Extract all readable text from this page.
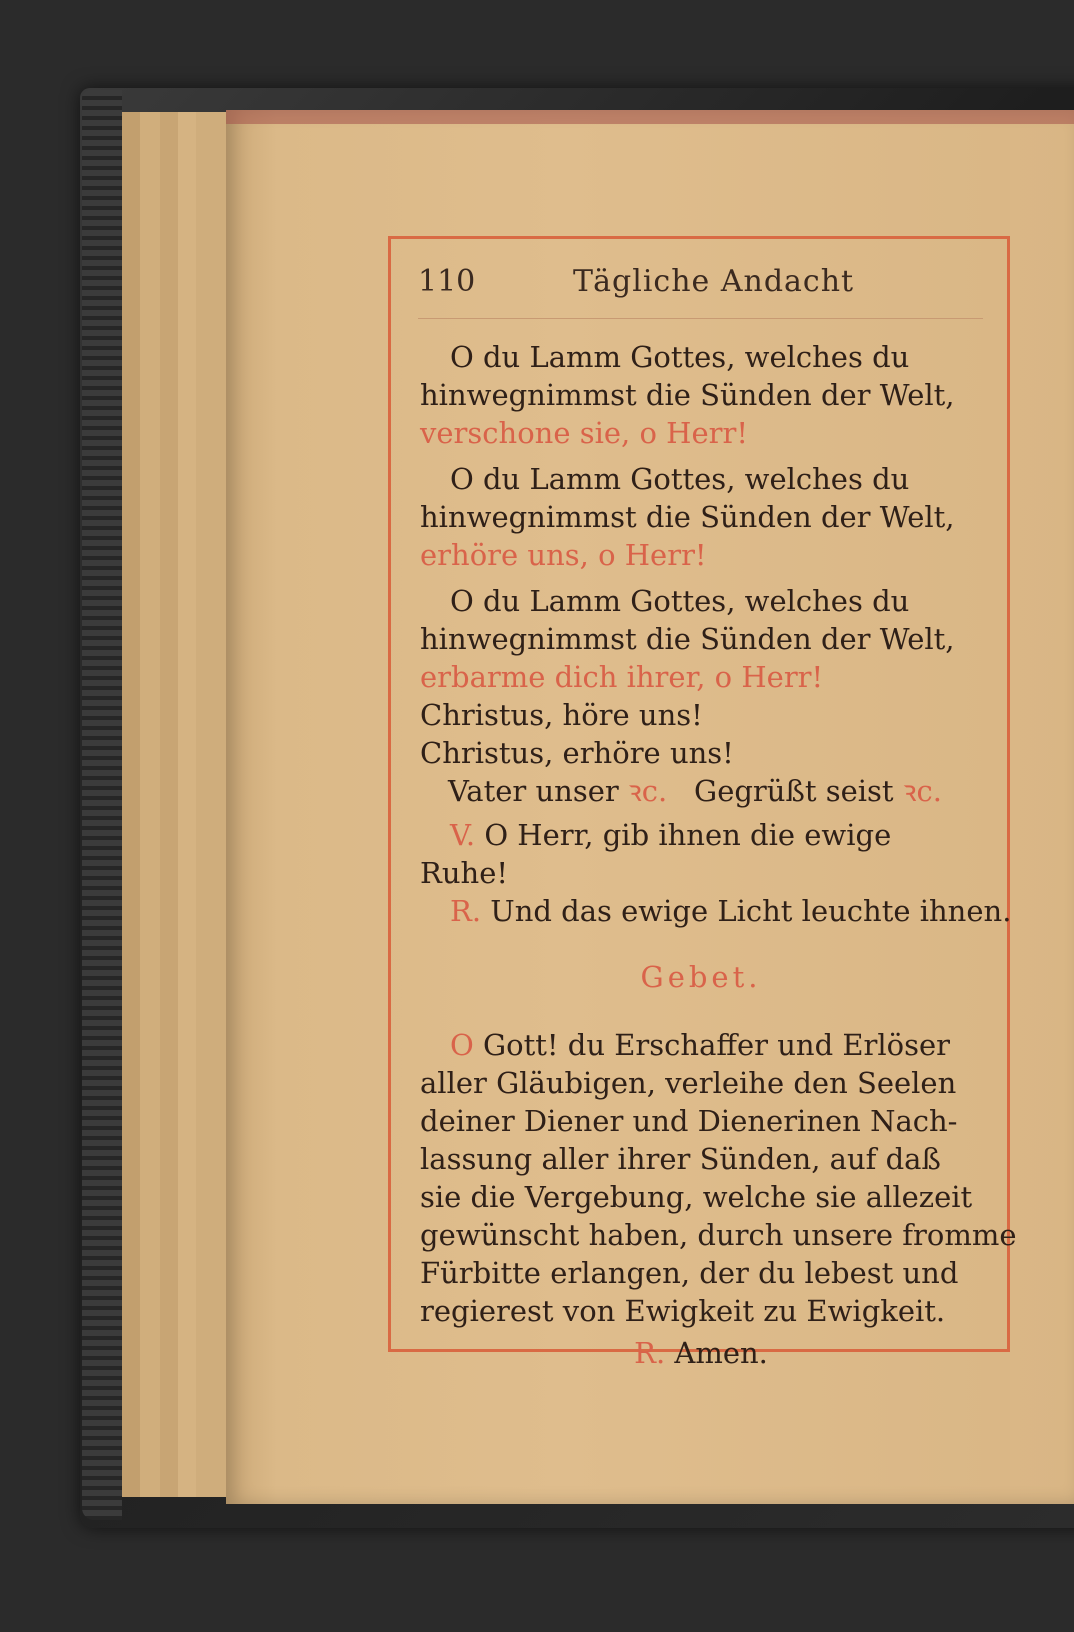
110	Tägliche Andacht
O du Lamm Gottes, welches du
hinwegnimmst die Sünden der Welt,
verschone sie, o Herr!
O du Lamm Gottes, welches du
hinwegnimmst die Sünden der Welt,
erhöre uns, o Herr!
O du Lamm Gottes, welches du
hinwegnimmst die Sünden der Welt,
erbarme dich ihrer, o Herr!
Christus, höre uns!
Christus, erhöre uns!
Vater unser ꝛc. Gegrüßt seist ꝛc.
V. O Herr, gib ihnen die ewige
Ruhe!
R. Und das ewige Licht leuchte ihnen.
Gebet.
O Gott! du Erschaffer und Erlöser
aller Gläubigen, verleihe den Seelen
deiner Diener und Dienerinen Nach-
lassung aller ihrer Sünden, auf daß
sie die Vergebung, welche sie allezeit
gewünscht haben, durch unsere fromme
Fürbitte erlangen, der du lebest und
regierest von Ewigkeit zu Ewigkeit.
R. Amen.
